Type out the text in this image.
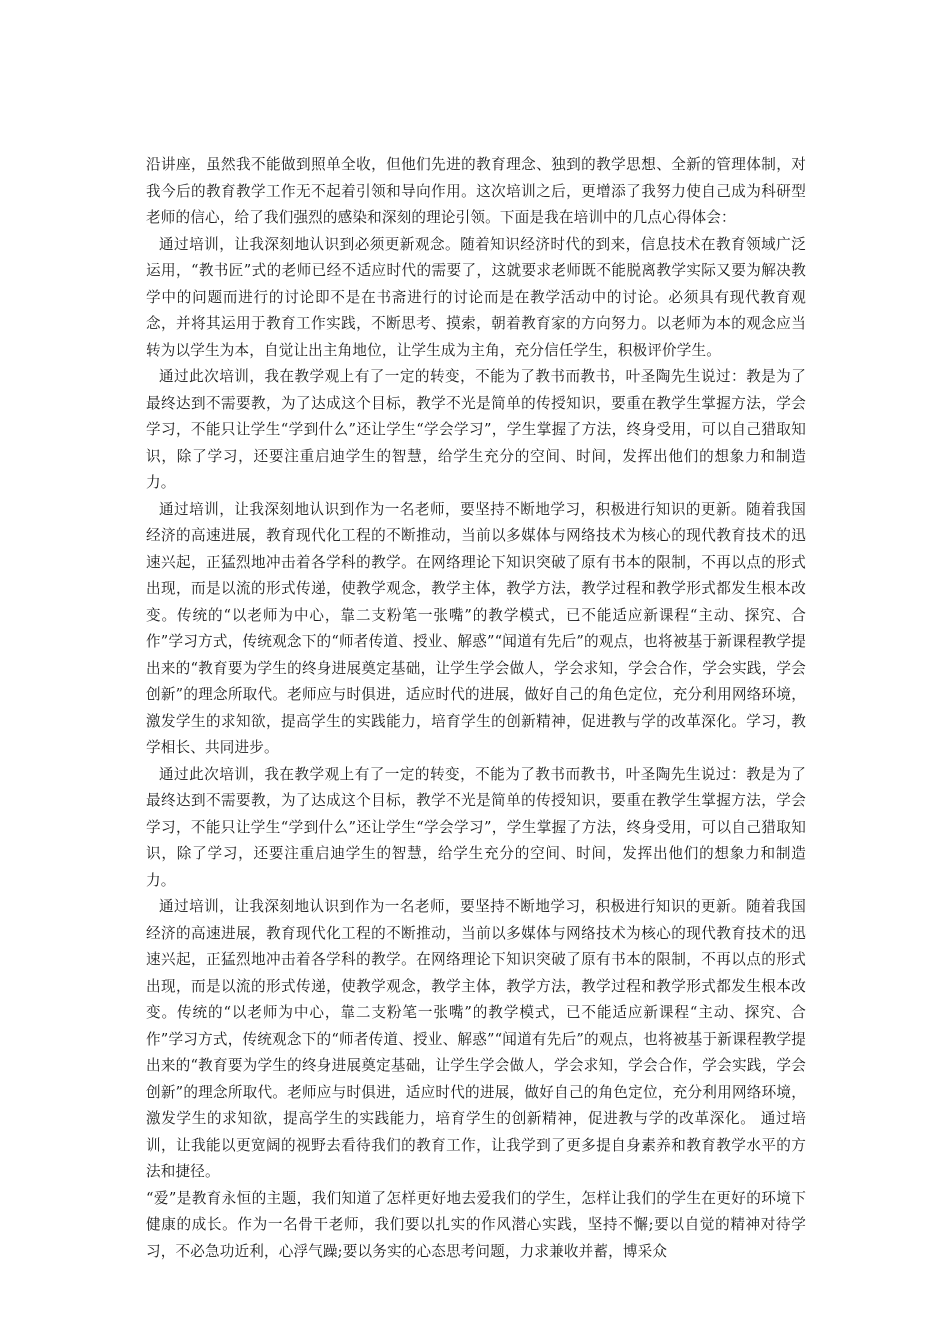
沿讲座，虽然我不能做到照单全收，但他们先进的教育理念、独到的教学思想、全新的管理体制，对我今后的教育教学工作无不起着引领和导向作用。这次培训之后，更增添了我努力使自己成为科研型老师的信心，给了我们强烈的感染和深刻的理论引领。下面是我在培训中的几点心得体会：

通过培训，让我深刻地认识到必须更新观念。随着知识经济时代的到来，信息技术在教育领域广泛运用，“教书匠”式的老师已经不适应时代的需要了，这就要求老师既不能脱离教学实际又要为解决教学中的问题而进行的讨论即不是在书斋进行的讨论而是在教学活动中的讨论。必须具有现代教育观念，并将其运用于教育工作实践，不断思考、摸索，朝着教育家的方向努力。以老师为本的观念应当转为以学生为本，自觉让出主角地位，让学生成为主角，充分信任学生，积极评价学生。

通过此次培训，我在教学观上有了一定的转变，不能为了教书而教书，叶圣陶先生说过：教是为了最终达到不需要教，为了达成这个目标，教学不光是简单的传授知识，要重在教学生掌握方法，学会学习，不能只让学生“学到什么”还让学生“学会学习”，学生掌握了方法，终身受用，可以自己猎取知识，除了学习，还要注重启迪学生的智慧，给学生充分的空间、时间，发挥出他们的想象力和制造力。

通过培训，让我深刻地认识到作为一名老师，要坚持不断地学习，积极进行知识的更新。随着我国经济的高速进展，教育现代化工程的不断推动，当前以多媒体与网络技术为核心的现代教育技术的迅速兴起，正猛烈地冲击着各学科的教学。在网络理论下知识突破了原有书本的限制，不再以点的形式出现，而是以流的形式传递，使教学观念，教学主体，教学方法，教学过程和教学形式都发生根本改变。传统的“以老师为中心，靠二支粉笔一张嘴”的教学模式，已不能适应新课程“主动、探究、合作”学习方式，传统观念下的“师者传道、授业、解惑”“闻道有先后”的观点，也将被基于新课程教学提出来的“教育要为学生的终身进展奠定基础，让学生学会做人，学会求知，学会合作，学会实践，学会创新”的理念所取代。老师应与时俱进，适应时代的进展，做好自己的角色定位，充分利用网络环境，激发学生的求知欲，提高学生的实践能力，培育学生的创新精神，促进教与学的改革深化。学习，教学相长、共同进步。

通过此次培训，我在教学观上有了一定的转变，不能为了教书而教书，叶圣陶先生说过：教是为了最终达到不需要教，为了达成这个目标，教学不光是简单的传授知识，要重在教学生掌握方法，学会学习，不能只让学生“学到什么”还让学生“学会学习”，学生掌握了方法，终身受用，可以自己猎取知识，除了学习，还要注重启迪学生的智慧，给学生充分的空间、时间，发挥出他们的想象力和制造力。

通过培训，让我深刻地认识到作为一名老师，要坚持不断地学习，积极进行知识的更新。随着我国经济的高速进展，教育现代化工程的不断推动，当前以多媒体与网络技术为核心的现代教育技术的迅速兴起，正猛烈地冲击着各学科的教学。在网络理论下知识突破了原有书本的限制，不再以点的形式出现，而是以流的形式传递，使教学观念，教学主体，教学方法，教学过程和教学形式都发生根本改变。传统的“以老师为中心，靠二支粉笔一张嘴”的教学模式，已不能适应新课程“主动、探究、合作”学习方式，传统观念下的“师者传道、授业、解惑”“闻道有先后”的观点，也将被基于新课程教学提出来的“教育要为学生的终身进展奠定基础，让学生学会做人，学会求知，学会合作，学会实践，学会创新”的理念所取代。老师应与时俱进，适应时代的进展，做好自己的角色定位，充分利用网络环境，激发学生的求知欲，提高学生的实践能力，培育学生的创新精神，促进教与学的改革深化。 通过培训，让我能以更宽阔的视野去看待我们的教育工作，让我学到了更多提自身素养和教育教学水平的方法和捷径。

“爱”是教育永恒的主题，我们知道了怎样更好地去爱我们的学生，怎样让我们的学生在更好的环境下健康的成长。作为一名骨干老师，我们要以扎实的作风潜心实践，坚持不懈;要以自觉的精神对待学习，不必急功近利，心浮气躁;要以务实的心态思考问题，力求兼收并蓄，博采众
